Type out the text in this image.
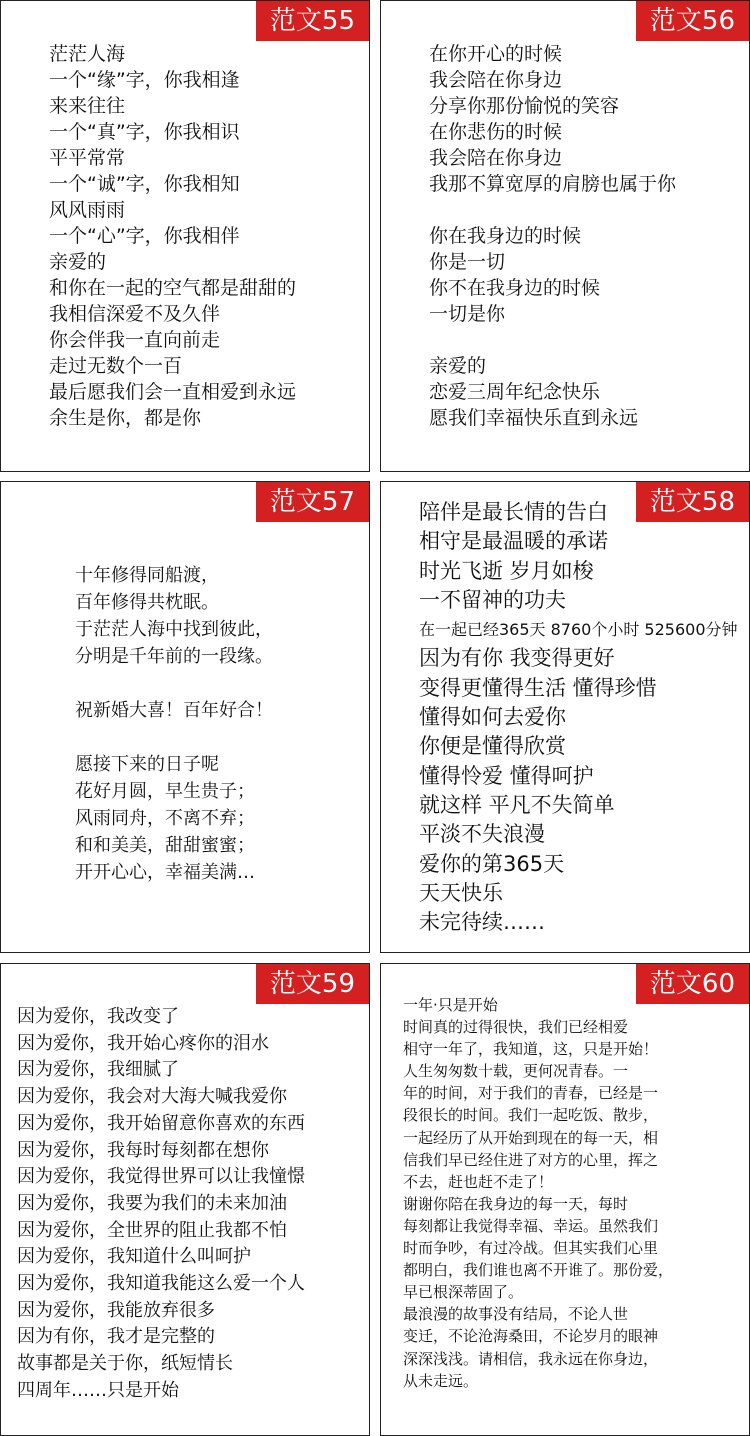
范文55
茫茫人海
一个“缘”字，你我相逢
来来往往
一个“真”字，你我相识
平平常常
一个“诚”字，你我相知
风风雨雨
一个“心”字，你我相伴
亲爱的
和你在一起的空气都是甜甜的
我相信深爱不及久伴
你会伴我一直向前走
走过无数个一百
最后愿我们会一直相爱到永远
余生是你，都是你
范文56
在你开心的时候
我会陪在你身边
分享你那份愉悦的笑容
在你悲伤的时候
我会陪在你身边
我那不算宽厚的肩膀也属于你

你在我身边的时候
你是一切
你不在我身边的时候
一切是你

亲爱的
恋爱三周年纪念快乐
愿我们幸福快乐直到永远
范文57
十年修得同船渡，
百年修得共枕眠。
于茫茫人海中找到彼此，
分明是千年前的一段缘。

祝新婚大喜！百年好合！

愿接下来的日子呢
花好月圆，早生贵子；
风雨同舟，不离不弃；
和和美美，甜甜蜜蜜；
开开心心，幸福美满…
范文58
陪伴是最长情的告白
相守是最温暖的承诺
时光飞逝 岁月如梭
一不留神的功夫
在一起已经365天 8760个小时 525600分钟
因为有你 我变得更好
变得更懂得生活 懂得珍惜
懂得如何去爱你
你便是懂得欣赏
懂得怜爱 懂得呵护
就这样 平凡不失简单
平淡不失浪漫
爱你的第365天
天天快乐
未完待续……
范文59
因为爱你，我改变了
因为爱你，我开始心疼你的泪水
因为爱你，我细腻了
因为爱你，我会对大海大喊我爱你
因为爱你，我开始留意你喜欢的东西
因为爱你，我每时每刻都在想你
因为爱你，我觉得世界可以让我憧憬
因为爱你，我要为我们的未来加油
因为爱你，全世界的阻止我都不怕
因为爱你，我知道什么叫呵护
因为爱你，我知道我能这么爱一个人
因为爱你，我能放弃很多
因为有你，我才是完整的
故事都是关于你，纸短情长
四周年……只是开始
范文60
一年·只是开始
时间真的过得很快，我们已经相爱
相守一年了，我知道，这，只是开始！
人生匆匆数十载，更何况青春。一
年的时间，对于我们的青春，已经是一
段很长的时间。我们一起吃饭、散步，
一起经历了从开始到现在的每一天，相
信我们早已经住进了对方的心里，挥之
不去，赶也赶不走了！
谢谢你陪在我身边的每一天，每时
每刻都让我觉得幸福、幸运。虽然我们
时而争吵，有过冷战。但其实我们心里
都明白，我们谁也离不开谁了。那份爱，
早已根深蒂固了。
最浪漫的故事没有结局，不论人世
变迁，不论沧海桑田，不论岁月的眼神
深深浅浅。请相信，我永远在你身边，
从未走远。
